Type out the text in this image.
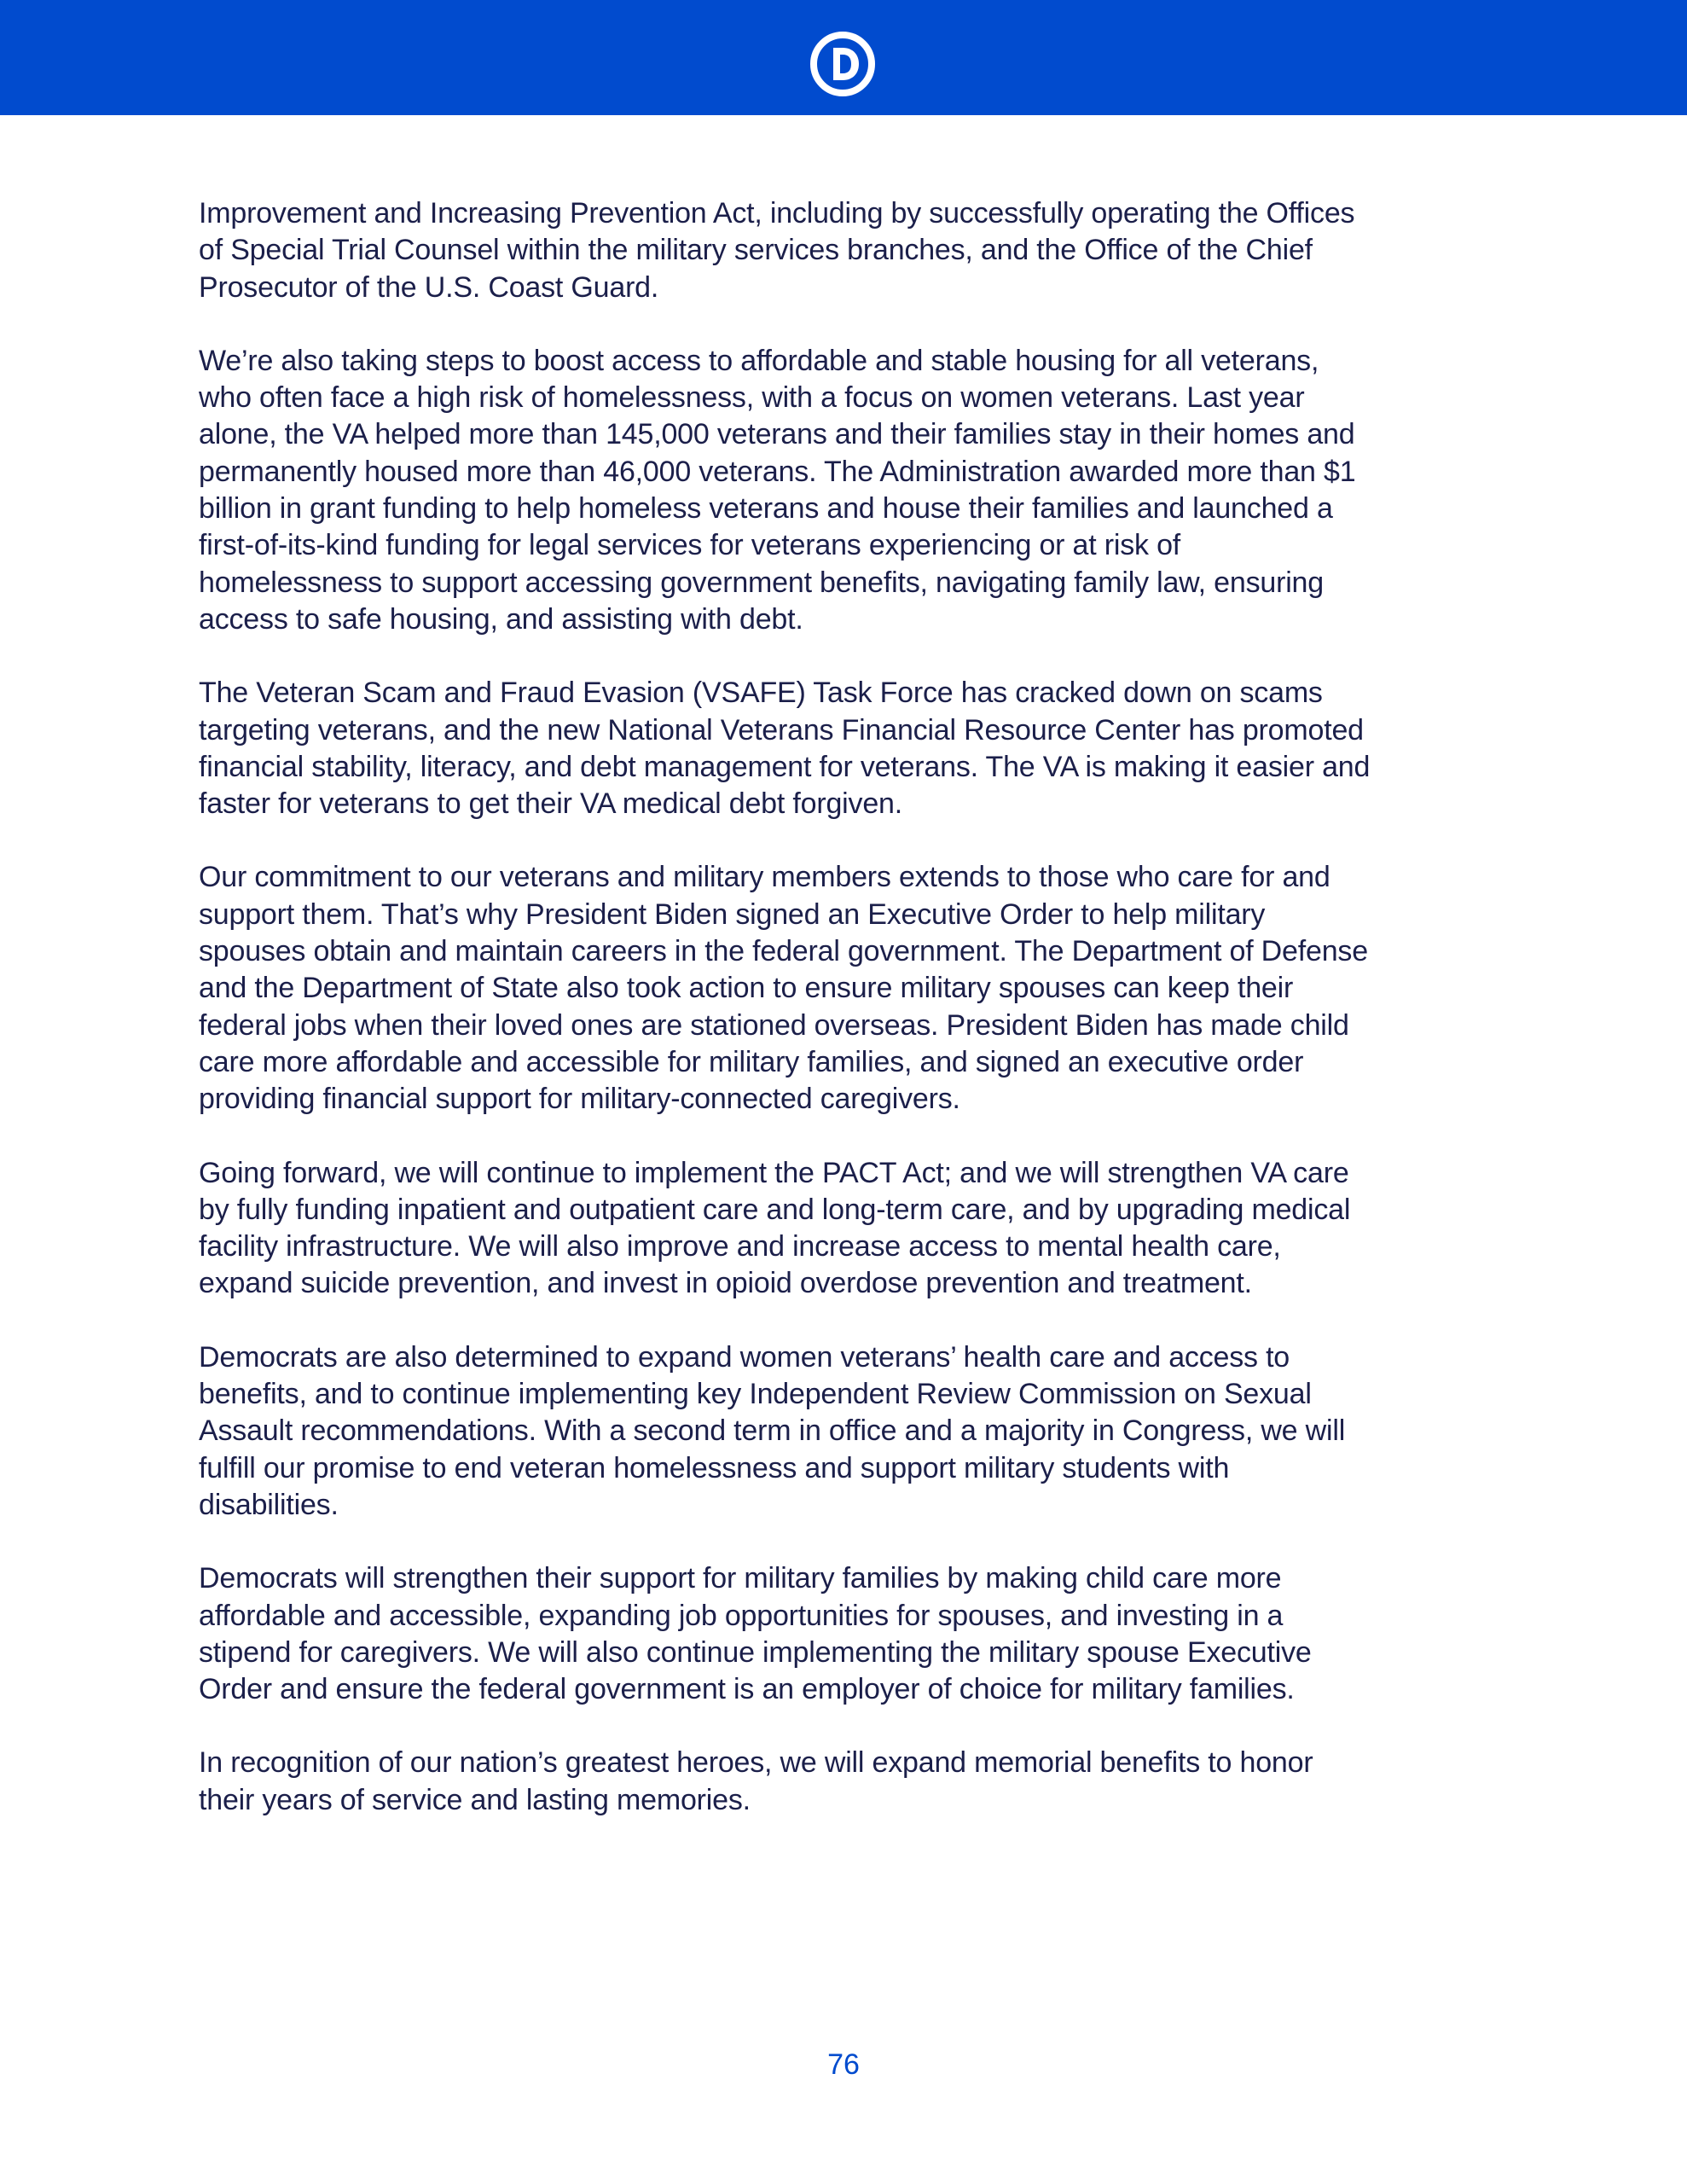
Improvement and Increasing Prevention Act, including by successfully operating the Offices
of Special Trial Counsel within the military services branches, and the Office of the Chief
Prosecutor of the U.S. Coast Guard.

We’re also taking steps to boost access to affordable and stable housing for all veterans,
who often face a high risk of homelessness, with a focus on women veterans. Last year
alone, the VA helped more than 145,000 veterans and their families stay in their homes and
permanently housed more than 46,000 veterans. The Administration awarded more than $1
billion in grant funding to help homeless veterans and house their families and launched a
first-of-its-kind funding for legal services for veterans experiencing or at risk of
homelessness to support accessing government benefits, navigating family law, ensuring
access to safe housing, and assisting with debt.

The Veteran Scam and Fraud Evasion (VSAFE) Task Force has cracked down on scams
targeting veterans, and the new National Veterans Financial Resource Center has promoted
financial stability, literacy, and debt management for veterans. The VA is making it easier and
faster for veterans to get their VA medical debt forgiven.

Our commitment to our veterans and military members extends to those who care for and
support them. That’s why President Biden signed an Executive Order to help military
spouses obtain and maintain careers in the federal government. The Department of Defense
and the Department of State also took action to ensure military spouses can keep their
federal jobs when their loved ones are stationed overseas. President Biden has made child
care more affordable and accessible for military families, and signed an executive order
providing financial support for military-connected caregivers.

Going forward, we will continue to implement the PACT Act; and we will strengthen VA care
by fully funding inpatient and outpatient care and long-term care, and by upgrading medical
facility infrastructure. We will also improve and increase access to mental health care,
expand suicide prevention, and invest in opioid overdose prevention and treatment.

Democrats are also determined to expand women veterans’ health care and access to
benefits, and to continue implementing key Independent Review Commission on Sexual
Assault recommendations. With a second term in office and a majority in Congress, we will
fulfill our promise to end veteran homelessness and support military students with
disabilities.

Democrats will strengthen their support for military families by making child care more
affordable and accessible, expanding job opportunities for spouses, and investing in a
stipend for caregivers. We will also continue implementing the military spouse Executive
Order and ensure the federal government is an employer of choice for military families.

In recognition of our nation’s greatest heroes, we will expand memorial benefits to honor
their years of service and lasting memories.

76
